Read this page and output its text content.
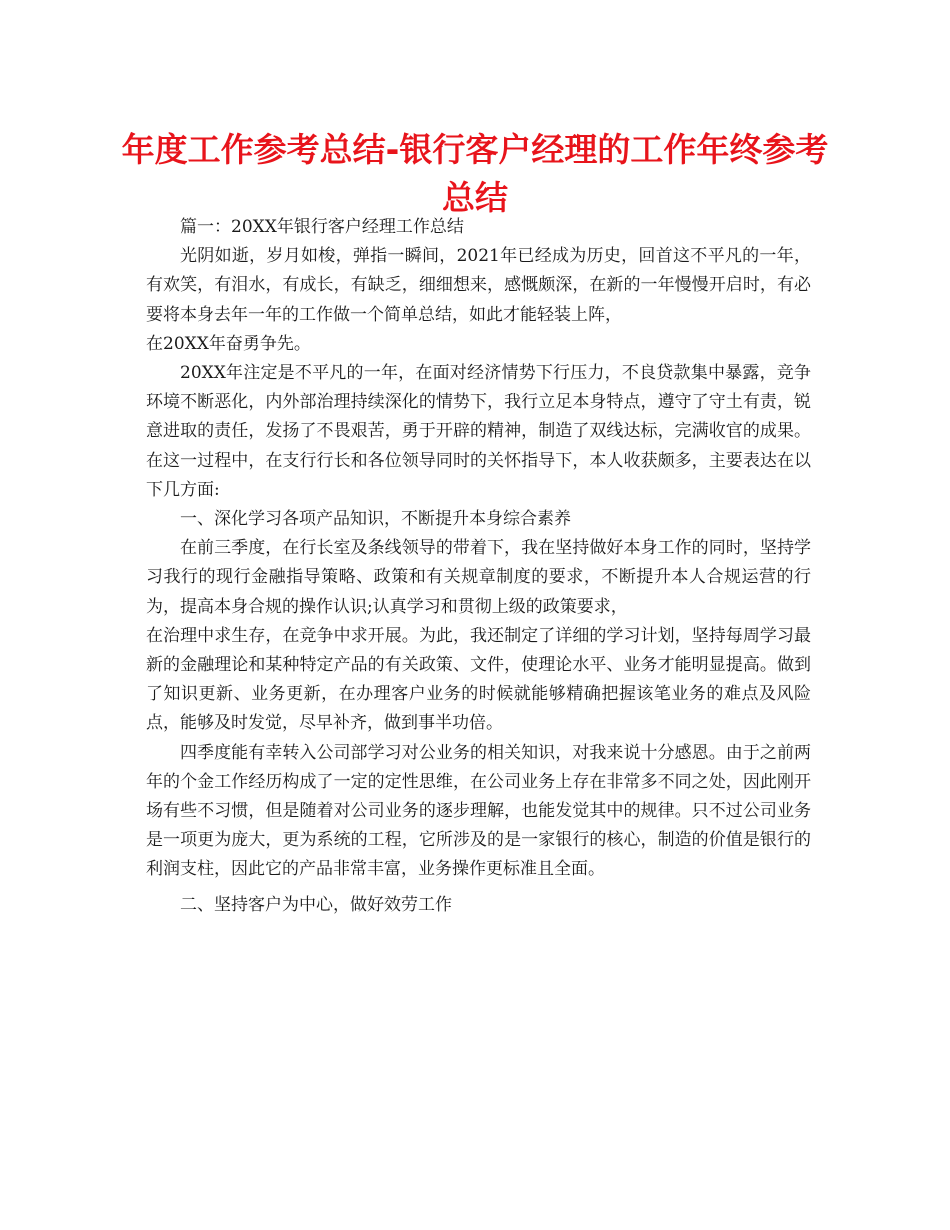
年度工作参考总结-银行客户经理的工作年终参考总结

篇一：20XX年银行客户经理工作总结

光阴如逝，岁月如梭，弹指一瞬间，2021年已经成为历史，回首这不平凡的一年，有欢笑，有泪水，有成长，有缺乏，细细想来，感慨颇深，在新的一年慢慢开启时，有必要将本身去年一年的工作做一个简单总结，如此才能轻装上阵，

在20XX年奋勇争先。

20XX年注定是不平凡的一年，在面对经济情势下行压力，不良贷款集中暴露，竞争环境不断恶化，内外部治理持续深化的情势下，我行立足本身特点，遵守了守土有责，锐意进取的责任，发扬了不畏艰苦，勇于开辟的精神，制造了双线达标，完满收官的成果。在这一过程中，在支行行长和各位领导同时的关怀指导下，本人收获颇多，主要表达在以下几方面:

一、深化学习各项产品知识，不断提升本身综合素养

在前三季度，在行长室及条线领导的带着下，我在坚持做好本身工作的同时，坚持学习我行的现行金融指导策略、政策和有关规章制度的要求，不断提升本人合规运营的行为，提高本身合规的操作认识;认真学习和贯彻上级的政策要求，

在治理中求生存，在竞争中求开展。为此，我还制定了详细的学习计划，坚持每周学习最新的金融理论和某种特定产品的有关政策、文件，使理论水平、业务才能明显提高。做到了知识更新、业务更新，在办理客户业务的时候就能够精确把握该笔业务的难点及风险点，能够及时发觉，尽早补齐，做到事半功倍。

四季度能有幸转入公司部学习对公业务的相关知识，对我来说十分感恩。由于之前两年的个金工作经历构成了一定的定性思维，在公司业务上存在非常多不同之处，因此刚开场有些不习惯，但是随着对公司业务的逐步理解，也能发觉其中的规律。只不过公司业务是一项更为庞大，更为系统的工程，它所涉及的是一家银行的核心，制造的价值是银行的利润支柱，因此它的产品非常丰富，业务操作更标准且全面。

二、坚持客户为中心，做好效劳工作
